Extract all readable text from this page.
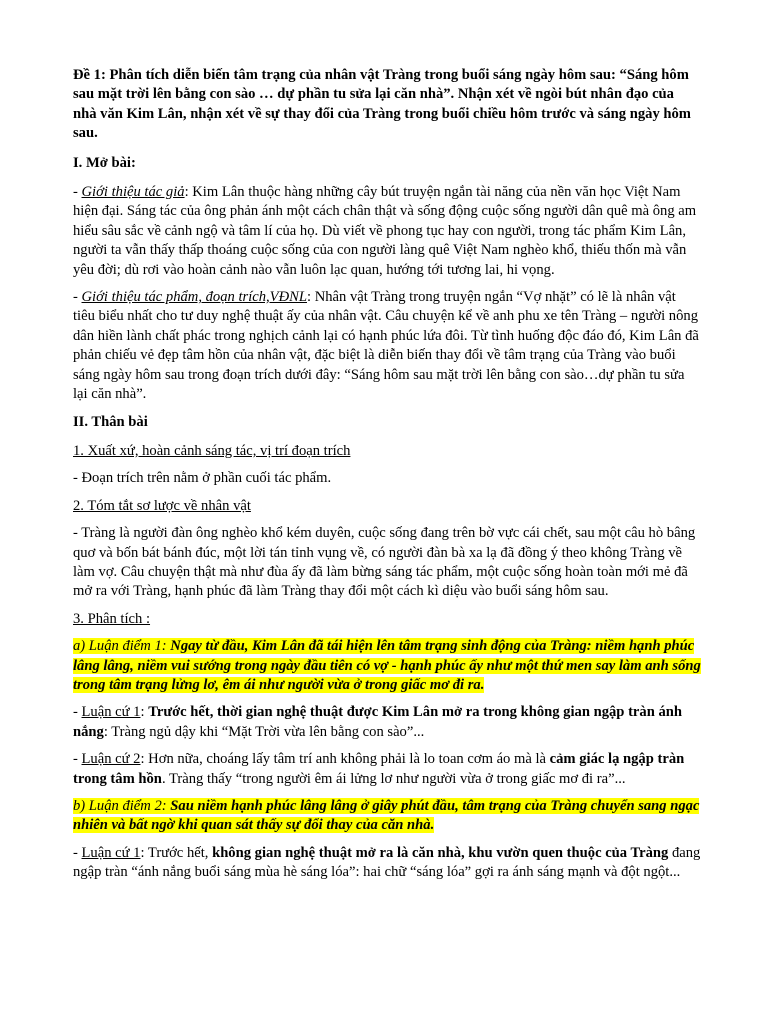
Đề 1: Phân tích diễn biến tâm trạng của nhân vật Tràng trong buổi sáng ngày hôm sau: “Sáng hôm sau mặt trời lên bằng con sào … dự phần tu sửa lại căn nhà”. Nhận xét về ngòi bút nhân đạo của nhà văn Kim Lân, nhận xét về sự thay đổi của Tràng trong buổi chiều hôm trước và sáng ngày hôm sau.

I. Mở bài:

- Giới thiệu tác giả: Kim Lân thuộc hàng những cây bút truyện ngắn tài năng của nền văn học Việt Nam hiện đại. Sáng tác của ông phản ánh một cách chân thật và sống động cuộc sống người dân quê mà ông am hiểu sâu sắc về cảnh ngộ và tâm lí của họ. Dù viết về phong tục hay con người, trong tác phẩm Kim Lân, người ta vẫn thấy thấp thoáng cuộc sống của con người làng quê Việt Nam nghèo khổ, thiếu thốn mà vẫn yêu đời; dù rơi vào hoàn cảnh nào vẫn luôn lạc quan, hướng tới tương lai, hi vọng.

- Giới thiệu tác phẩm, đoạn trích,VĐNL: Nhân vật Tràng trong truyện ngắn “Vợ nhặt” có lẽ là nhân vật tiêu biểu nhất cho tư duy nghệ thuật ấy của nhân vật. Câu chuyện kể về anh phu xe tên Tràng – người nông dân hiền lành chất phác trong nghịch cảnh lại có hạnh phúc lứa đôi. Từ tình huống độc đáo đó, Kim Lân đã phản chiếu vẻ đẹp tâm hồn của nhân vật, đặc biệt là diễn biến thay đổi về tâm trạng của Tràng vào buổi sáng ngày hôm sau trong đoạn trích dưới đây: “Sáng hôm sau mặt trời lên bằng con sào…dự phần tu sửa lại căn nhà”.

II. Thân bài

1. Xuất xứ, hoàn cảnh sáng tác, vị trí đoạn trích

- Đoạn trích trên nằm ở phần cuối tác phẩm.

2. Tóm tắt sơ lược về nhân vật

- Tràng là người đàn ông nghèo khổ kém duyên, cuộc sống đang trên bờ vực cái chết, sau một câu hò bâng quơ và bốn bát bánh đúc, một lời tán tỉnh vụng về, có người đàn bà xa lạ đã đồng ý theo không Tràng về làm vợ. Câu chuyện thật mà như đùa ấy đã làm bừng sáng tác phẩm, một cuộc sống hoàn toàn mới mẻ đã mở ra với Tràng, hạnh phúc đã làm Tràng thay đổi một cách kì diệu vào buổi sáng hôm sau.

3. Phân tích :

a) Luận điểm 1: Ngay từ đầu, Kim Lân đã tái hiện lên tâm trạng sinh động của Tràng: niềm hạnh phúc lâng lâng, niềm vui sướng trong ngày đầu tiên có vợ - hạnh phúc ấy như một thứ men say làm anh sống trong tâm trạng lửng lơ, êm ái như người vừa ở trong giấc mơ đi ra.

- Luận cứ 1: Trước hết, thời gian nghệ thuật được Kim Lân mở ra trong không gian ngập tràn ánh nắng: Tràng ngủ dậy khi “Mặt Trời vừa lên bằng con sào”...

- Luận cứ 2: Hơn nữa, choáng lấy tâm trí anh không phải là lo toan cơm áo mà là cảm giác lạ ngập tràn trong tâm hồn. Tràng thấy “trong người êm ái lửng lơ như người vừa ở trong giấc mơ đi ra”...

b) Luận điểm 2: Sau niềm hạnh phúc lâng lâng ở giây phút đầu, tâm trạng của Tràng chuyển sang ngạc nhiên và bất ngờ khi quan sát thấy sự đổi thay của căn nhà.

- Luận cứ 1: Trước hết, không gian nghệ thuật mở ra là căn nhà, khu vườn quen thuộc của Tràng đang ngập tràn “ánh nắng buổi sáng mùa hè sáng lóa”: hai chữ “sáng lóa” gợi ra ánh sáng mạnh và đột ngột...
